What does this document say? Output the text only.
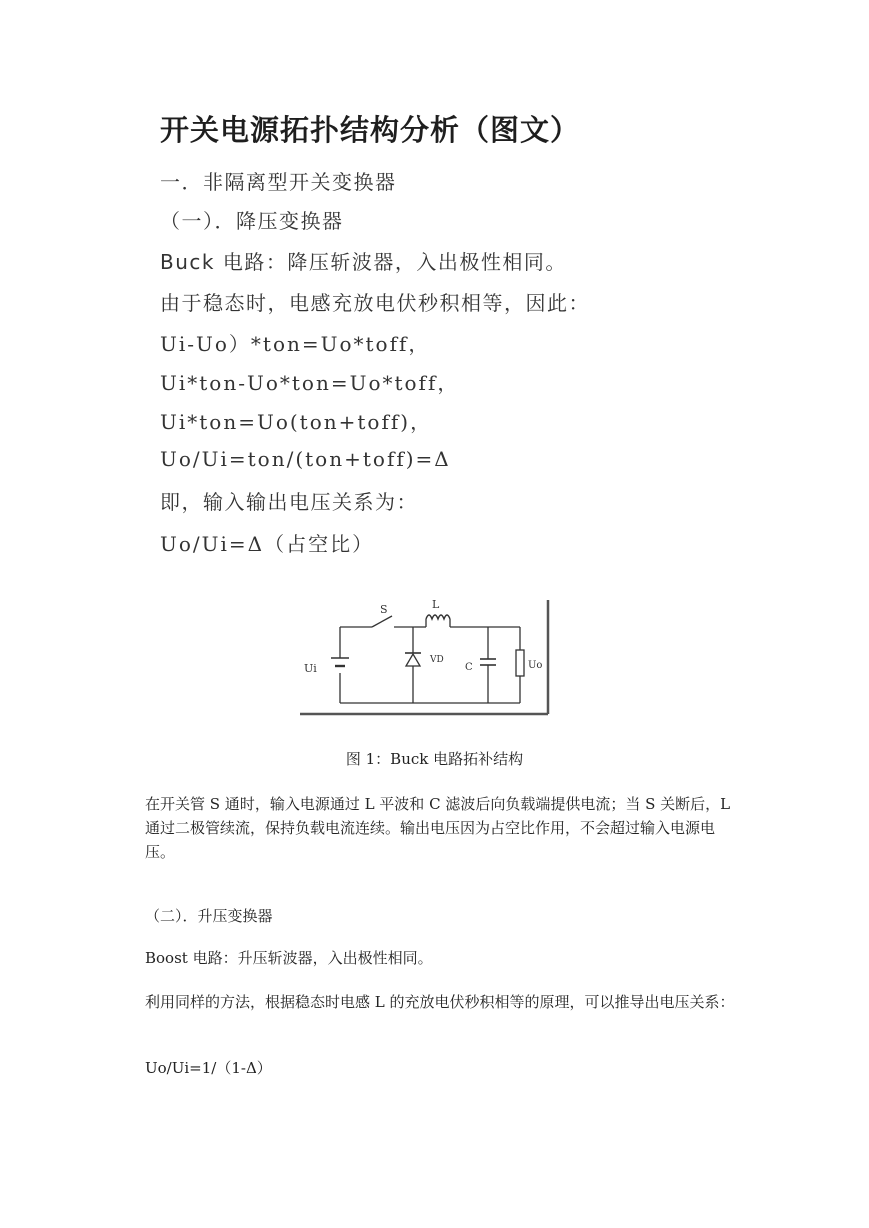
开关电源拓扑结构分析（图文）
一．非隔离型开关变换器
（一）．降压变换器
Buck 电路：降压斩波器，入出极性相同。
由于稳态时，电感充放电伏秒积相等，因此：
Ui-Uo）*ton=Uo*toff，
Ui*ton-Uo*ton=Uo*toff，
Ui*ton=Uo(ton+toff)，
Uo/Ui=ton/(ton+toff)=Δ
即，输入输出电压关系为：
Uo/Ui=Δ（占空比）
S	L
Ui
VD
C	Uo
图 1：Buck 电路拓补结构
在开关管 S 通时，输入电源通过 L 平波和 C 滤波后向负载端提供电流；当 S 关断后，L 通过二极管续流，保持负载电流连续。输出电压因为占空比作用，不会超过输入电源电压。
（二）．升压变换器
Boost 电路：升压斩波器，入出极性相同。
利用同样的方法，根据稳态时电感 L 的充放电伏秒积相等的原理，可以推导出电压关系：
Uo/Ui=1/（1-Δ）
